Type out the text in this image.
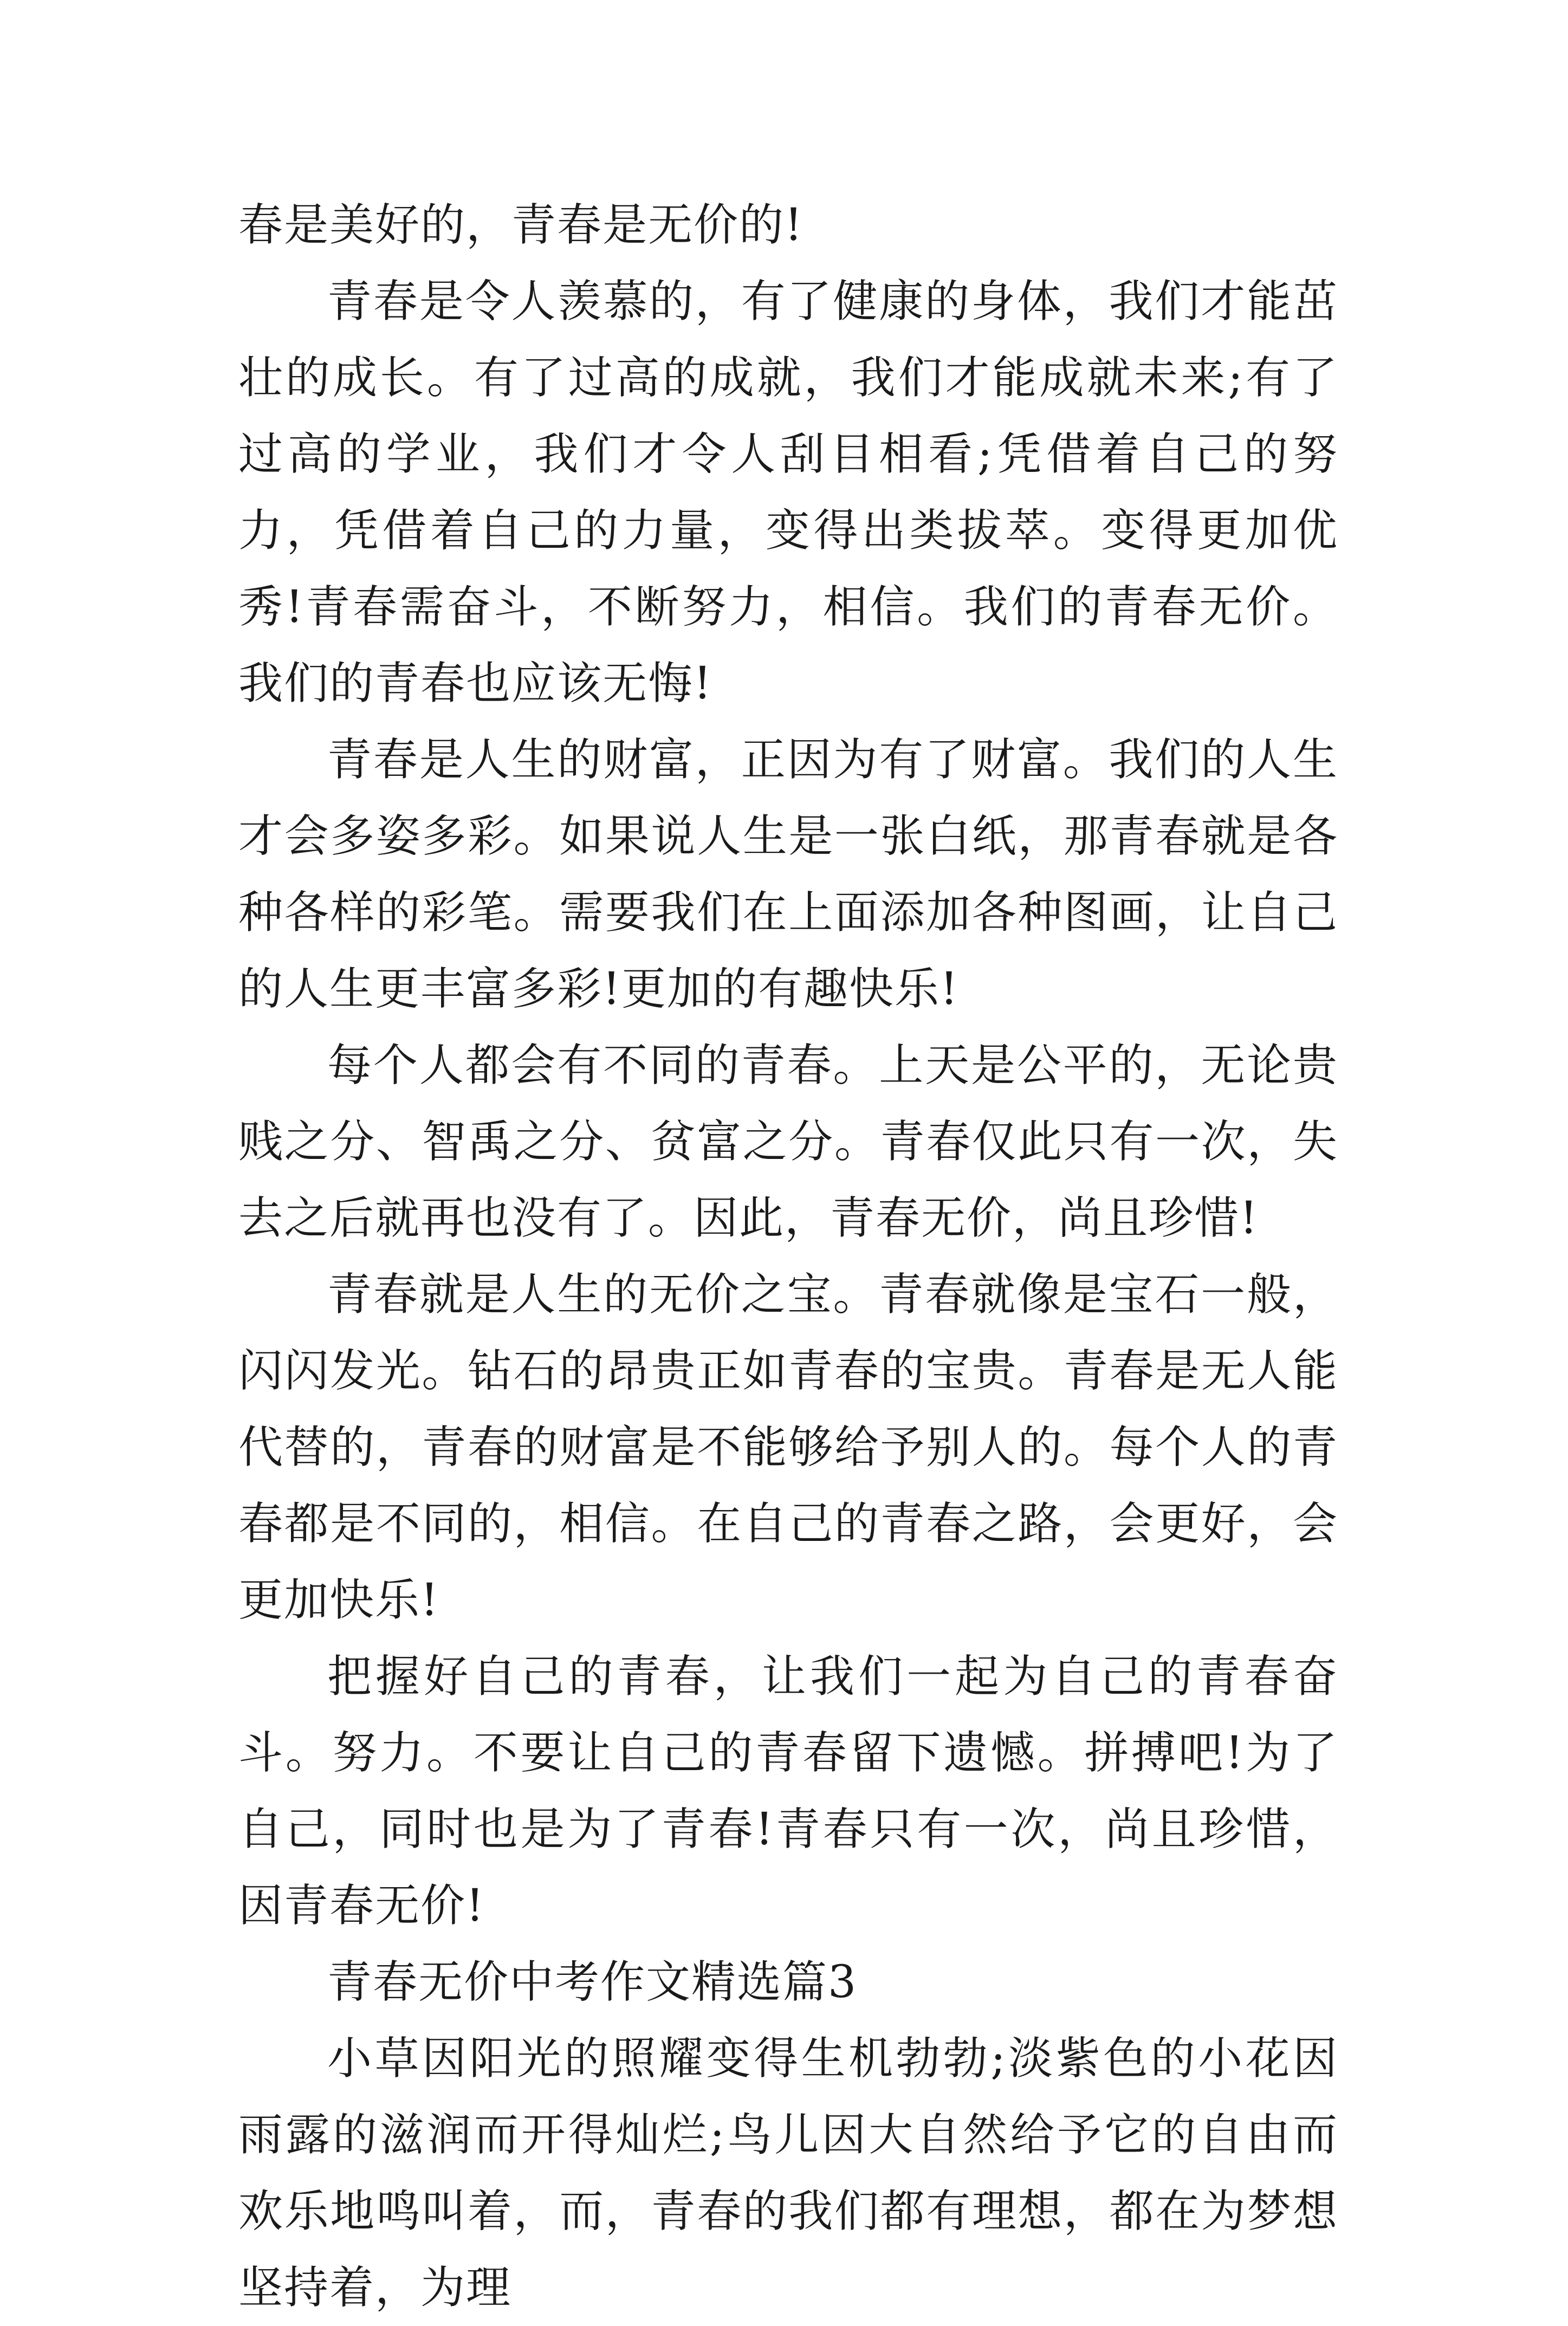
春是美好的，青春是无价的!

青春是令人羡慕的，有了健康的身体，我们才能茁壮的成长。有了过高的成就，我们才能成就未来;有了过高的学业，我们才令人刮目相看;凭借着自己的努力，凭借着自己的力量，变得出类拔萃。变得更加优秀!青春需奋斗，不断努力，相信。我们的青春无价。我们的青春也应该无悔!

青春是人生的财富，正因为有了财富。我们的人生才会多姿多彩。如果说人生是一张白纸，那青春就是各种各样的彩笔。需要我们在上面添加各种图画，让自己的人生更丰富多彩!更加的有趣快乐!

每个人都会有不同的青春。上天是公平的，无论贵贱之分、智禹之分、贫富之分。青春仅此只有一次，失去之后就再也没有了。因此，青春无价，尚且珍惜!

青春就是人生的无价之宝。青春就像是宝石一般，闪闪发光。钻石的昂贵正如青春的宝贵。青春是无人能代替的，青春的财富是不能够给予别人的。每个人的青春都是不同的，相信。在自己的青春之路，会更好，会更加快乐!

把握好自己的青春，让我们一起为自己的青春奋斗。努力。不要让自己的青春留下遗憾。拼搏吧!为了自己，同时也是为了青春!青春只有一次，尚且珍惜，因青春无价!

青春无价中考作文精选篇3

小草因阳光的照耀变得生机勃勃;淡紫色的小花因雨露的滋润而开得灿烂;鸟儿因大自然给予它的自由而欢乐地鸣叫着，而，青春的我们都有理想，都在为梦想坚持着，为理
